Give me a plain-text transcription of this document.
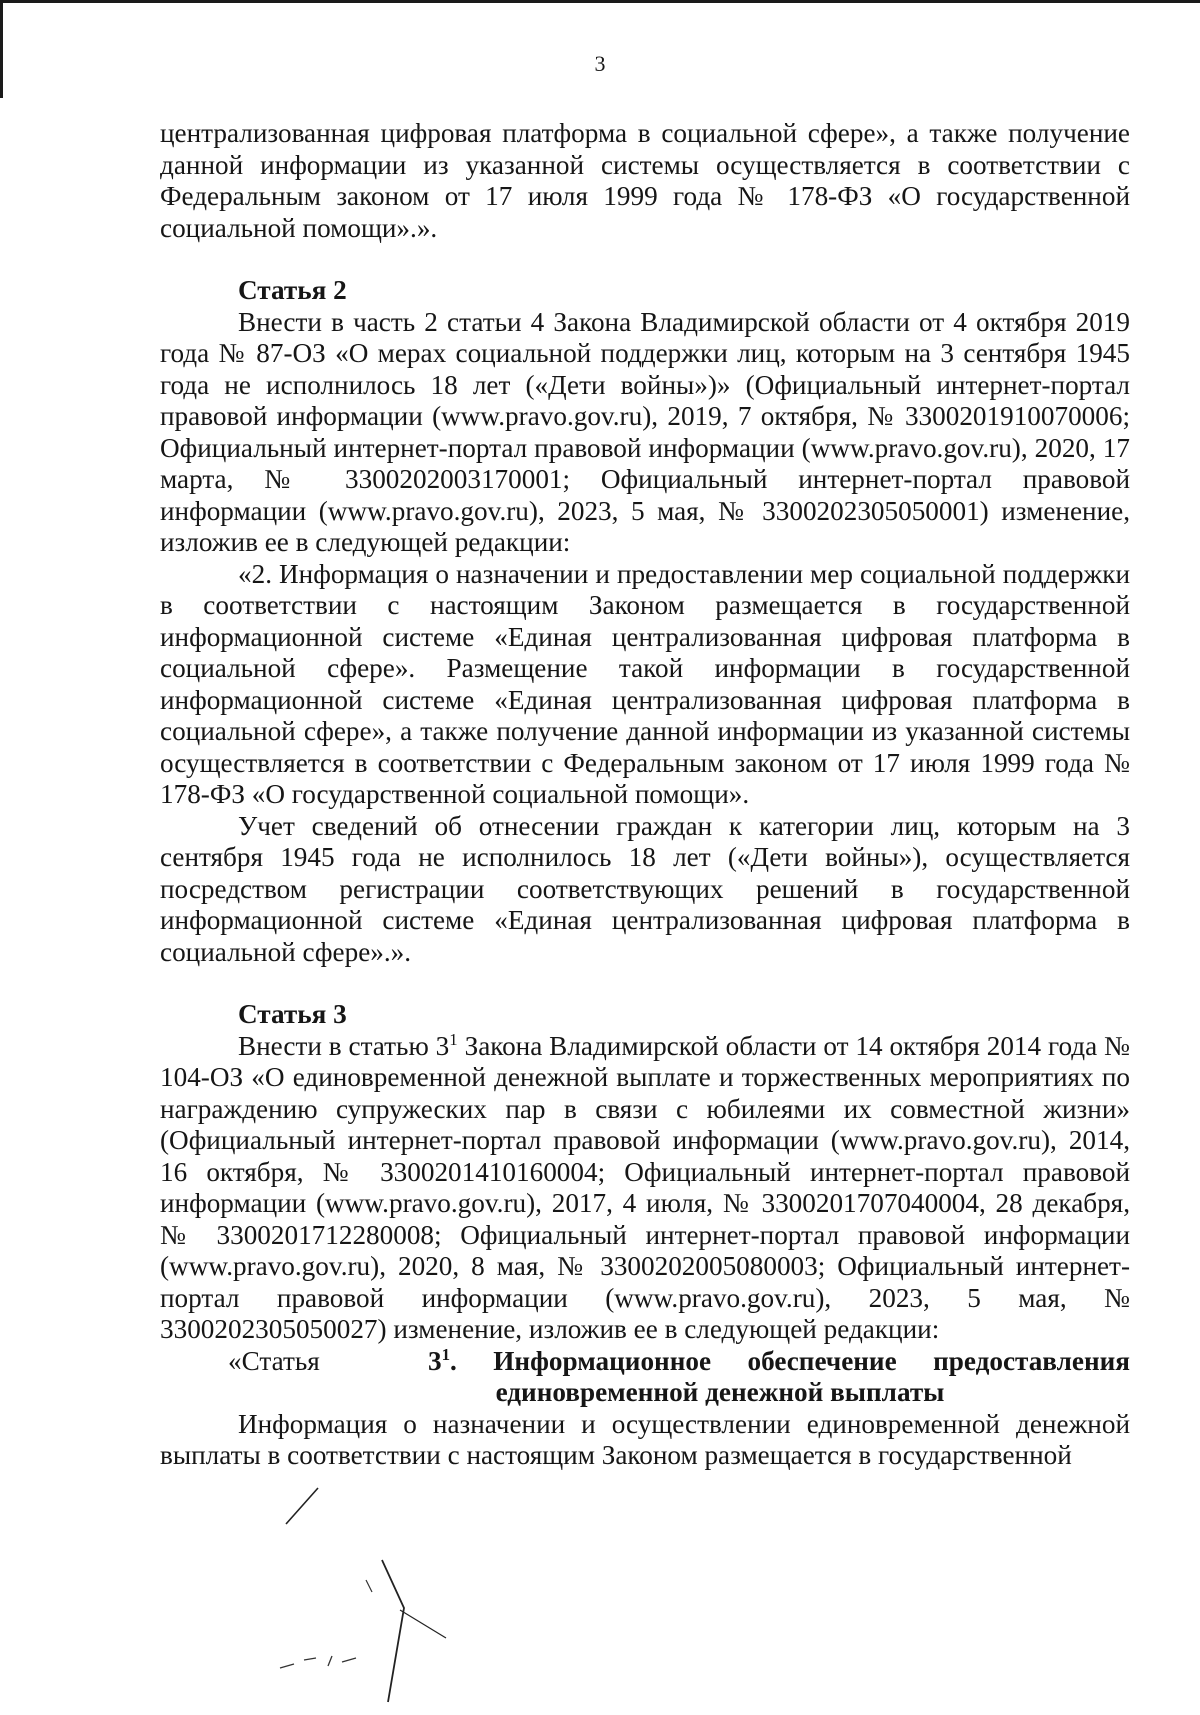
3

централизованная цифровая платформа в социальной сфере», а также получение данной информации из указанной системы осуществляется в соответствии с Федеральным законом от 17 июля 1999 года № 178-ФЗ «О государственной социальной помощи».».

Статья 2

Внести в часть 2 статьи 4 Закона Владимирской области от 4 октября 2019 года № 87-ОЗ «О мерах социальной поддержки лиц, которым на 3 сентября 1945 года не исполнилось 18 лет («Дети войны»)» (Официальный интернет-портал правовой информации (www.pravo.gov.ru), 2019, 7 октября, № 3300201910070006; Официальный интернет-портал правовой информации (www.pravo.gov.ru), 2020, 17 марта, № 3300202003170001; Официальный интернет-портал правовой информации (www.pravo.gov.ru), 2023, 5 мая, № 3300202305050001) изменение, изложив ее в следующей редакции:

«2. Информация о назначении и предоставлении мер социальной поддержки в соответствии с настоящим Законом размещается в государственной информационной системе «Единая централизованная цифровая платформа в социальной сфере». Размещение такой информации в государственной информационной системе «Единая централизованная цифровая платформа в социальной сфере», а также получение данной информации из указанной системы осуществляется в соответствии с Федеральным законом от 17 июля 1999 года № 178-ФЗ «О государственной социальной помощи».

Учет сведений об отнесении граждан к категории лиц, которым на 3 сентября 1945 года не исполнилось 18 лет («Дети войны»), осуществляется посредством регистрации соответствующих решений в государственной информационной системе «Единая централизованная цифровая платформа в социальной сфере».».

Статья 3

Внести в статью $3^1$ Закона Владимирской области от 14 октября 2014 года № 104-ОЗ «О единовременной денежной выплате и торжественных мероприятиях по награждению супружеских пар в связи с юбилеями их совместной жизни» (Официальный интернет-портал правовой информации (www.pravo.gov.ru), 2014, 16 октября, № 3300201410160004; Официальный интернет-портал правовой информации (www.pravo.gov.ru), 2017, 4 июля, № 3300201707040004, 28 декабря, № 3300201712280008; Официальный интернет-портал правовой информации (www.pravo.gov.ru), 2020, 8 мая, № 3300202005080003; Официальный интернет-портал правовой информации (www.pravo.gov.ru), 2023, 5 мая, № 3300202305050027) изменение, изложив ее в следующей редакции:

«Статья	$3^1$. Информационное обеспечение предоставления

единовременной денежной выплаты

Информация о назначении и осуществлении единовременной денежной выплаты в соответствии с настоящим Законом размещается в государственной
